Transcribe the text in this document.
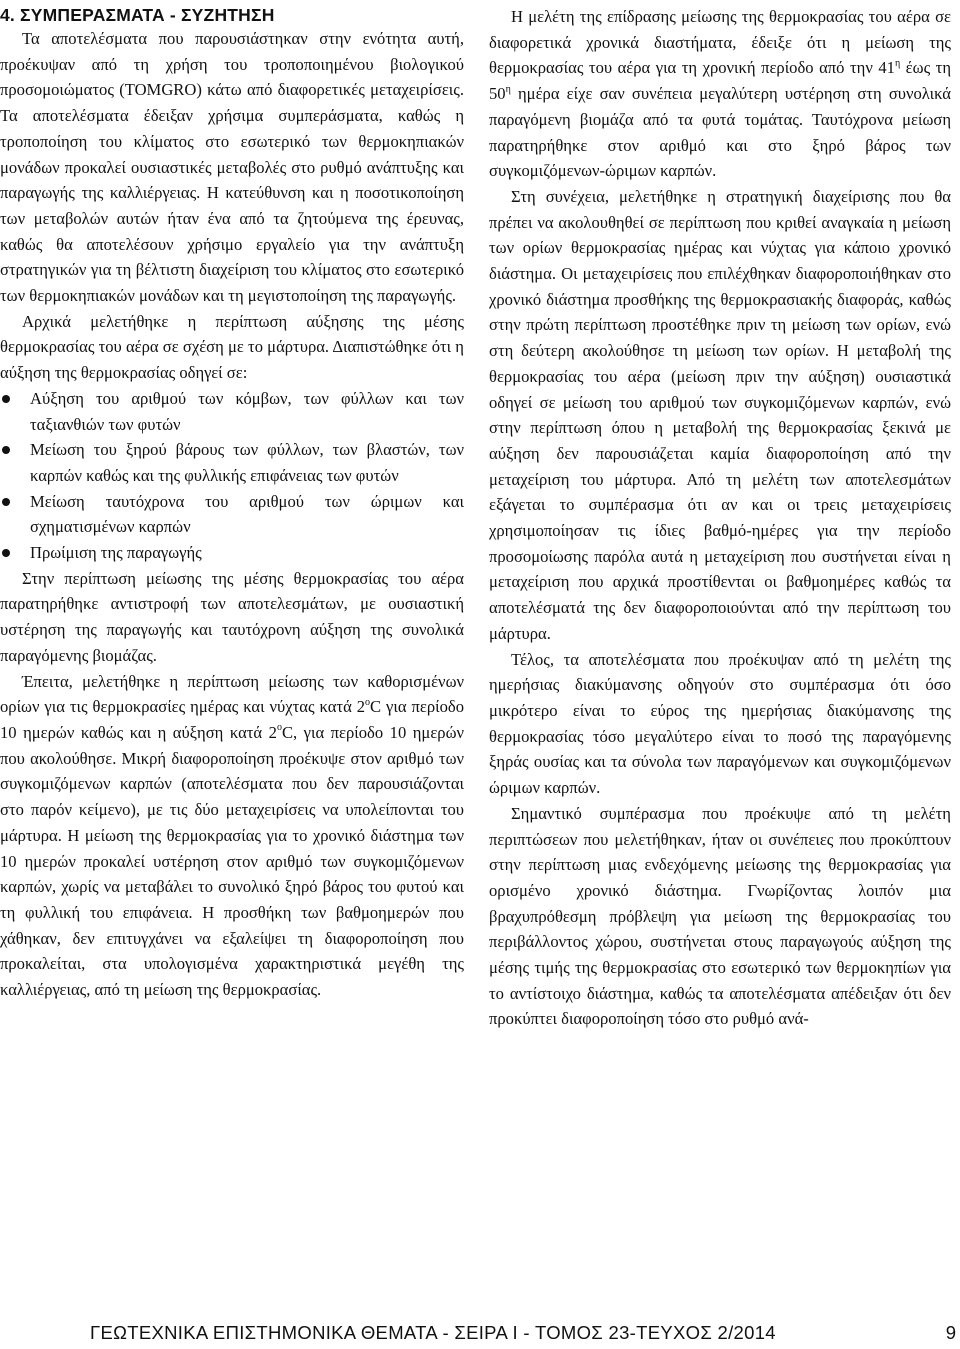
4. ΣΥΜΠΕΡΑΣΜΑΤΑ - ΣΥΖΗΤΗΣΗ

Τα αποτελέσματα που παρουσιάστηκαν στην ενότητα αυτή, προέκυψαν από τη χρήση του τροποποιημένου βιολογικού προσομοιώματος (TOMGRO) κάτω από διαφορετικές μεταχειρίσεις. Τα αποτελέσματα έδειξαν χρήσιμα συμπεράσματα, καθώς η τροποποίηση του κλίματος στο εσωτερικό των θερμοκηπιακών μονάδων προκαλεί ουσιαστικές μεταβολές στο ρυθμό ανάπτυξης και παραγωγής της καλλιέργειας. Η κατεύθυνση και η ποσοτικοποίηση των μεταβολών αυτών ήταν ένα από τα ζητούμενα της έρευνας, καθώς θα αποτελέσουν χρήσιμο εργαλείο για την ανάπτυξη στρατηγικών για τη βέλτιστη διαχείριση του κλίματος στο εσωτερικό των θερμοκηπιακών μονάδων και τη μεγιστοποίηση της παραγωγής.

Αρχικά μελετήθηκε η περίπτωση αύξησης της μέσης θερμοκρασίας του αέρα σε σχέση με το μάρτυρα. Διαπιστώθηκε ότι η αύξηση της θερμοκρασίας οδηγεί σε:

Αύξηση του αριθμού των κόμβων, των φύλλων και των ταξιανθιών των φυτών
Μείωση του ξηρού βάρους των φύλλων, των βλαστών, των καρπών καθώς και της φυλλικής επιφάνειας των φυτών
Μείωση ταυτόχρονα του αριθμού των ώριμων και σχηματισμένων καρπών
Πρωίμιση της παραγωγής

Στην περίπτωση μείωσης της μέσης θερμοκρασίας του αέρα παρατηρήθηκε αντιστροφή των αποτελεσμάτων, με ουσιαστική υστέρηση της παραγωγής και ταυτόχρονη αύξηση της συνολικά παραγόμενης βιομάζας.

Έπειτα, μελετήθηκε η περίπτωση μείωσης των καθορισμένων ορίων για τις θερμοκρασίες ημέρας και νύχτας κατά $2^oC$ για περίοδο 10 ημερών καθώς και η αύξηση κατά $2^oC$, για περίοδο 10 ημερών που ακολούθησε. Μικρή διαφοροποίηση προέκυψε στον αριθμό των συγκομιζόμενων καρπών (αποτελέσματα που δεν παρουσιάζονται στο παρόν κείμενο), με τις δύο μεταχειρίσεις να υπολείπονται του μάρτυρα. Η μείωση της θερμοκρασίας για το χρονικό διάστημα των 10 ημερών προκαλεί υστέρηση στον αριθμό των συγκομιζόμενων καρπών, χωρίς να μεταβάλει το συνολικό ξηρό βάρος του φυτού και τη φυλλική του επιφάνεια. Η προσθήκη των βαθμοημερών που χάθηκαν, δεν επιτυγχάνει να εξαλείψει τη διαφοροποίηση που προκαλείται, στα υπολογισμένα χαρακτηριστικά μεγέθη της καλλιέργειας, από τη μείωση της θερμοκρασίας.

Η μελέτη της επίδρασης μείωσης της θερμοκρασίας του αέρα σε διαφορετικά χρονικά διαστήματα, έδειξε ότι η μείωση της θερμοκρασίας του αέρα για τη χρονική περίοδο από την $41^\eta$ έως τη $50^\eta$ ημέρα είχε σαν συνέπεια μεγαλύτερη υστέρηση στη συνολικά παραγόμενη βιομάζα από τα φυτά τομάτας. Ταυτόχρονα μείωση παρατηρήθηκε στον αριθμό και στο ξηρό βάρος των συγκομιζόμενων-ώριμων καρπών.

Στη συνέχεια, μελετήθηκε η στρατηγική διαχείρισης που θα πρέπει να ακολουθηθεί σε περίπτωση που κριθεί αναγκαία η μείωση των ορίων θερμοκρασίας ημέρας και νύχτας για κάποιο χρονικό διάστημα. Οι μεταχειρίσεις που επιλέχθηκαν διαφοροποιήθηκαν στο χρονικό διάστημα προσθήκης της θερμοκρασιακής διαφοράς, καθώς στην πρώτη περίπτωση προστέθηκε πριν τη μείωση των ορίων, ενώ στη δεύτερη ακολούθησε τη μείωση των ορίων. Η μεταβολή της θερμοκρασίας του αέρα (μείωση πριν την αύξηση) ουσιαστικά οδηγεί σε μείωση του αριθμού των συγκομιζόμενων καρπών, ενώ στην περίπτωση όπου η μεταβολή της θερμοκρασίας ξεκινά με αύξηση δεν παρουσιάζεται καμία διαφοροποίηση από την μεταχείριση του μάρτυρα. Από τη μελέτη των αποτελεσμάτων εξάγεται το συμπέρασμα ότι αν και οι τρεις μεταχειρίσεις χρησιμοποίησαν τις ίδιες βαθμό-ημέρες για την περίοδο προσομοίωσης παρόλα αυτά η μεταχείριση που συστήνεται είναι η μεταχείριση που αρχικά προστίθενται οι βαθμοημέρες καθώς τα αποτελέσματά της δεν διαφοροποιούνται από την περίπτωση του μάρτυρα.

Τέλος, τα αποτελέσματα που προέκυψαν από τη μελέτη της ημερήσιας διακύμανσης οδηγούν στο συμπέρασμα ότι όσο μικρότερο είναι το εύρος της ημερήσιας διακύμανσης της θερμοκρασίας τόσο μεγαλύτερο είναι το ποσό της παραγόμενης ξηράς ουσίας και τα σύνολα των παραγόμενων και συγκομιζόμενων ώριμων καρπών.

Σημαντικό συμπέρασμα που προέκυψε από τη μελέτη περιπτώσεων που μελετήθηκαν, ήταν οι συνέπειες που προκύπτουν στην περίπτωση μιας ενδεχόμενης μείωσης της θερμοκρασίας για ορισμένο χρονικό διάστημα. Γνωρίζοντας λοιπόν μια βραχυπρόθεσμη πρόβλεψη για μείωση της θερμοκρασίας του περιβάλλοντος χώρου, συστήνεται στους παραγωγούς αύξηση της μέσης τιμής της θερμοκρασίας στο εσωτερικό των θερμοκηπίων για το αντίστοιχο διάστημα, καθώς τα αποτελέσματα απέδειξαν ότι δεν προκύπτει διαφοροποίηση τόσο στο ρυθμό ανά-

ΓΕΩΤΕΧΝΙΚΑ ΕΠΙΣΤΗΜΟΝΙΚΑ ΘΕΜΑΤΑ - ΣΕΙΡΑ Ι - ΤΟΜΟΣ 23-ΤΕΥΧΟΣ 2/2014	9
